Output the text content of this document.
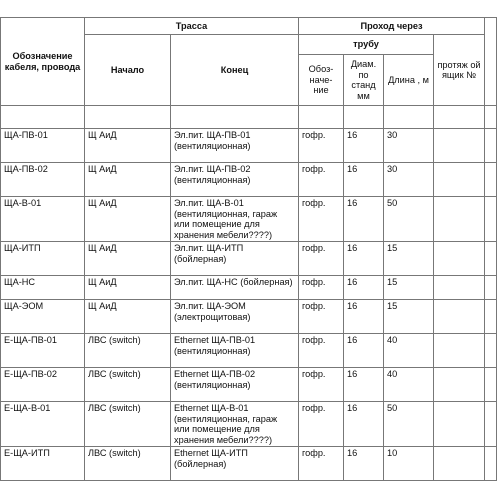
Обозначение кабеля, провода	Трасса		Проход через				
	Начало	Конец	трубу			протяж ой ящик №	
			Обоз-наче-ние	Диам. по станд мм	Длина , м		

ЩА-ПВ-01	Щ АиД	Эл.пит. ЩА-ПВ-01 (вентиляционная)	гофр.	16	30		
ЩА-ПВ-02	Щ АиД	Эл.пит. ЩА-ПВ-02 (вентиляционная)	гофр.	16	30		
ЩА-В-01	Щ АиД	Эл.пит. ЩА-В-01 (вентиляционная, гараж или помещение для хранения мебели????)	гофр.	16	50		
ЩА-ИТП	Щ АиД	Эл.пит. ЩА-ИТП (бойлерная)	гофр.	16	15		
ЩА-НС	Щ АиД	Эл.пит. ЩА-НС (бойлерная)	гофр.	16	15		
ЩА-ЭОМ	Щ АиД	Эл.пит. ЩА-ЭОМ (электрощитовая)	гофр.	16	15		
Е-ЩА-ПВ-01	ЛВС (switch)	Ethernet ЩА-ПВ-01 (вентиляционная)	гофр.	16	40		
Е-ЩА-ПВ-02	ЛВС (switch)	Ethernet ЩА-ПВ-02 (вентиляционная)	гофр.	16	40		
Е-ЩА-В-01	ЛВС (switch)	Ethernet ЩА-В-01 (вентиляционная, гараж или помещение для хранения мебели????)	гофр.	16	50		
Е-ЩА-ИТП	ЛВС (switch)	Ethernet ЩА-ИТП (бойлерная)	гофр.	16	10		
